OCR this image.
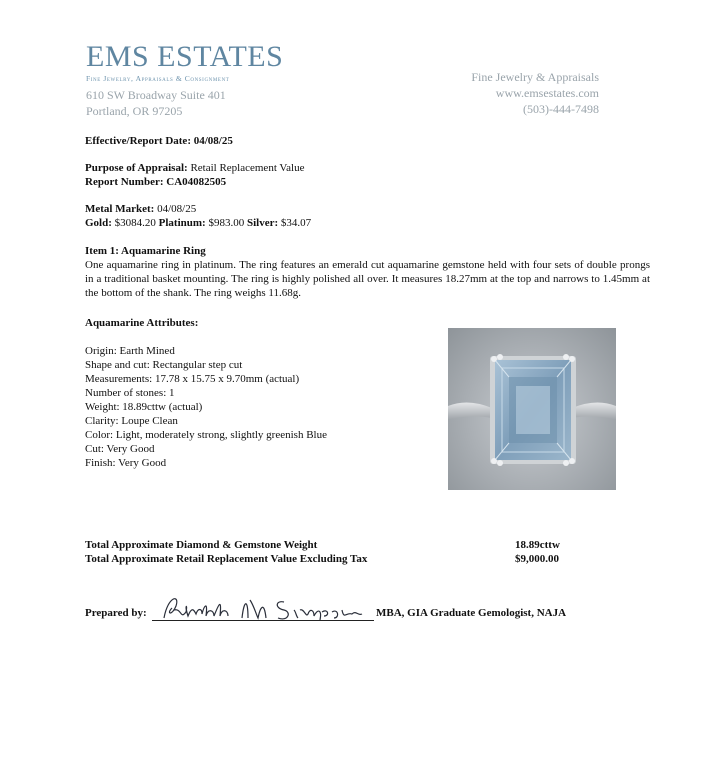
EMS ESTATES
Fine Jewelry, Appraisals & Consignment
610 SW Broadway Suite 401
Portland, OR 97205
Fine Jewelry & Appraisals
www.emsestates.com
(503)-444-7498
Effective/Report Date: 04/08/25
Purpose of Appraisal: Retail Replacement Value
Report Number: CA04082505
Metal Market: 04/08/25
Gold: $3084.20 Platinum: $983.00 Silver: $34.07
Item 1: Aquamarine Ring
One aquamarine ring in platinum. The ring features an emerald cut aquamarine gemstone held with four sets of double prongs in a traditional basket mounting. The ring is highly polished all over. It measures 18.27mm at the top and narrows to 1.45mm at the bottom of the shank. The ring weighs 11.68g.
Aquamarine Attributes:
Origin: Earth Mined
Shape and cut: Rectangular step cut
Measurements: 17.78 x 15.75 x 9.70mm (actual)
Number of stones: 1
Weight: 18.89cttw (actual)
Clarity: Loupe Clean
Color: Light, moderately strong, slightly greenish Blue
Cut: Very Good
Finish: Very Good
Total Approximate Diamond & Gemstone Weight	18.89cttw
Total Approximate Retail Replacement Value Excluding Tax	$9,000.00
Prepared by:	MBA, GIA Graduate Gemologist, NAJA
